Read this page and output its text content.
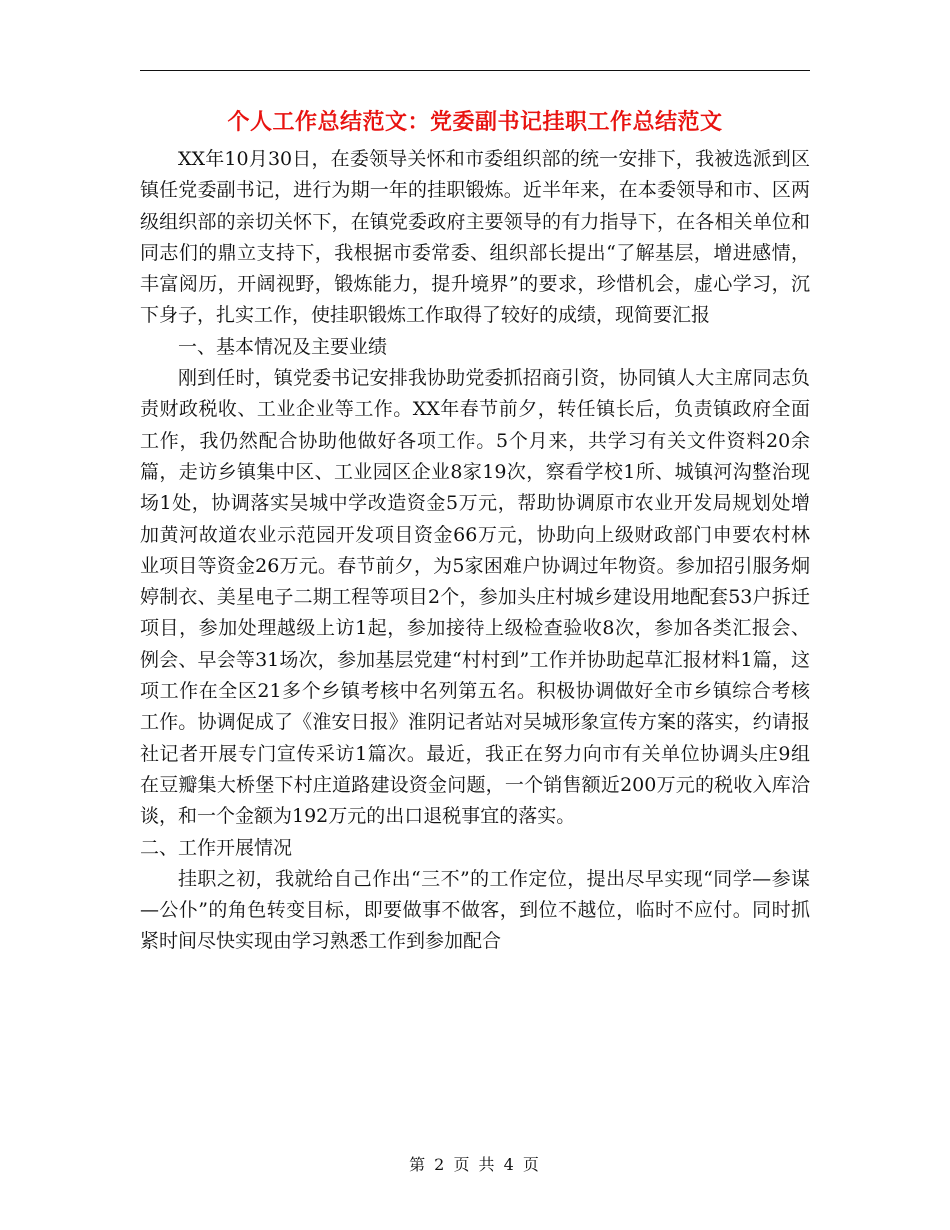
个人工作总结范文：党委副书记挂职工作总结范文

XX年10月30日，在委领导关怀和市委组织部的统一安排下，我被选派到区镇任党委副书记，进行为期一年的挂职锻炼。近半年来，在本委领导和市、区两级组织部的亲切关怀下，在镇党委政府主要领导的有力指导下，在各相关单位和同志们的鼎立支持下，我根据市委常委、组织部长提出“了解基层，增进感情，丰富阅历，开阔视野，锻炼能力，提升境界”的要求，珍惜机会，虚心学习，沉下身子，扎实工作，使挂职锻炼工作取得了较好的成绩，现简要汇报

一、基本情况及主要业绩

刚到任时，镇党委书记安排我协助党委抓招商引资，协同镇人大主席同志负责财政税收、工业企业等工作。XX年春节前夕，转任镇长后，负责镇政府全面工作，我仍然配合协助他做好各项工作。5个月来，共学习有关文件资料20余篇，走访乡镇集中区、工业园区企业8家19次，察看学校1所、城镇河沟整治现场1处，协调落实吴城中学改造资金5万元，帮助协调原市农业开发局规划处增加黄河故道农业示范园开发项目资金66万元，协助向上级财政部门申要农村林业项目等资金26万元。春节前夕，为5家困难户协调过年物资。参加招引服务炯婷制衣、美星电子二期工程等项目2个，参加头庄村城乡建设用地配套53户拆迁项目，参加处理越级上访1起，参加接待上级检查验收8次，参加各类汇报会、例会、早会等31场次，参加基层党建“村村到”工作并协助起草汇报材料1篇，这项工作在全区21多个乡镇考核中名列第五名。积极协调做好全市乡镇综合考核工作。协调促成了《淮安日报》淮阴记者站对吴城形象宣传方案的落实，约请报社记者开展专门宣传采访1篇次。最近，我正在努力向市有关单位协调头庄9组在豆瓣集大桥堡下村庄道路建设资金问题，一个销售额近200万元的税收入库洽谈，和一个金额为192万元的出口退税事宜的落实。

二、工作开展情况

挂职之初，我就给自己作出“三不”的工作定位，提出尽早实现“同学—参谋—公仆”的角色转变目标，即要做事不做客，到位不越位，临时不应付。同时抓紧时间尽快实现由学习熟悉工作到参加配合

第 2 页 共 4 页
